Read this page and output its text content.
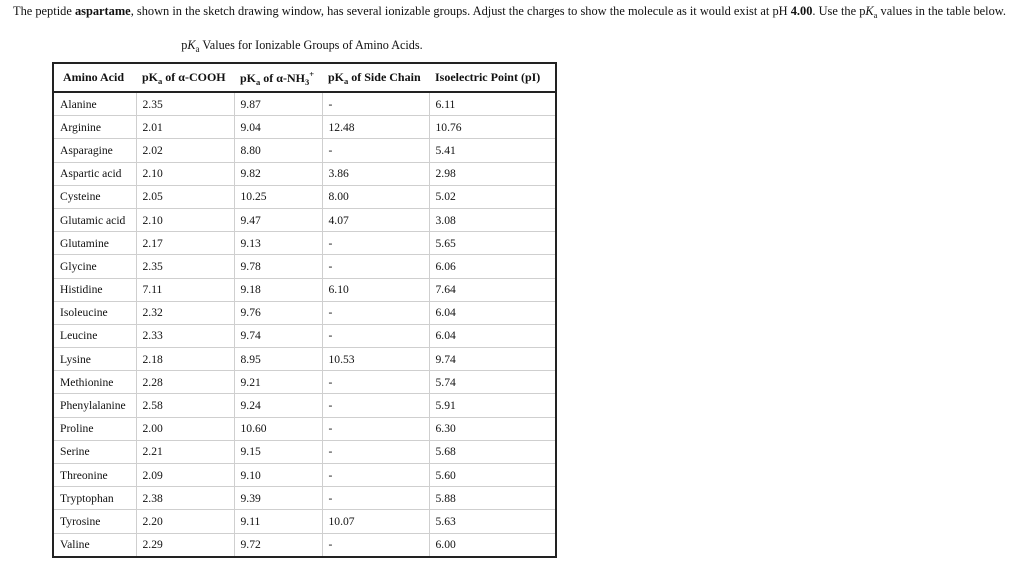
The peptide aspartame, shown in the sketch drawing window, has several ionizable groups. Adjust the charges to show the molecule as it would exist at pH 4.00. Use the $pK_a$ values in the table below.
$pK_a$ Values for Ionizable Groups of Amino Acids.
Amino Acid	$pK_a$ of α-COOH	$pK_a$ of $\alpha-NH_3^+$	$pK_a$ of Side Chain	Isoelectric Point (pI)
Alanine	2.35	9.87	-	6.11
Arginine	2.01	9.04	12.48	10.76
Asparagine	2.02	8.80	-	5.41
Aspartic acid	2.10	9.82	3.86	2.98
Cysteine	2.05	10.25	8.00	5.02
Glutamic acid	2.10	9.47	4.07	3.08
Glutamine	2.17	9.13	-	5.65
Glycine	2.35	9.78	-	6.06
Histidine	7.11	9.18	6.10	7.64
Isoleucine	2.32	9.76	-	6.04
Leucine	2.33	9.74	-	6.04
Lysine	2.18	8.95	10.53	9.74
Methionine	2.28	9.21	-	5.74
Phenylalanine	2.58	9.24	-	5.91
Proline	2.00	10.60	-	6.30
Serine	2.21	9.15	-	5.68
Threonine	2.09	9.10	-	5.60
Tryptophan	2.38	9.39	-	5.88
Tyrosine	2.20	9.11	10.07	5.63
Valine	2.29	9.72	-	6.00
